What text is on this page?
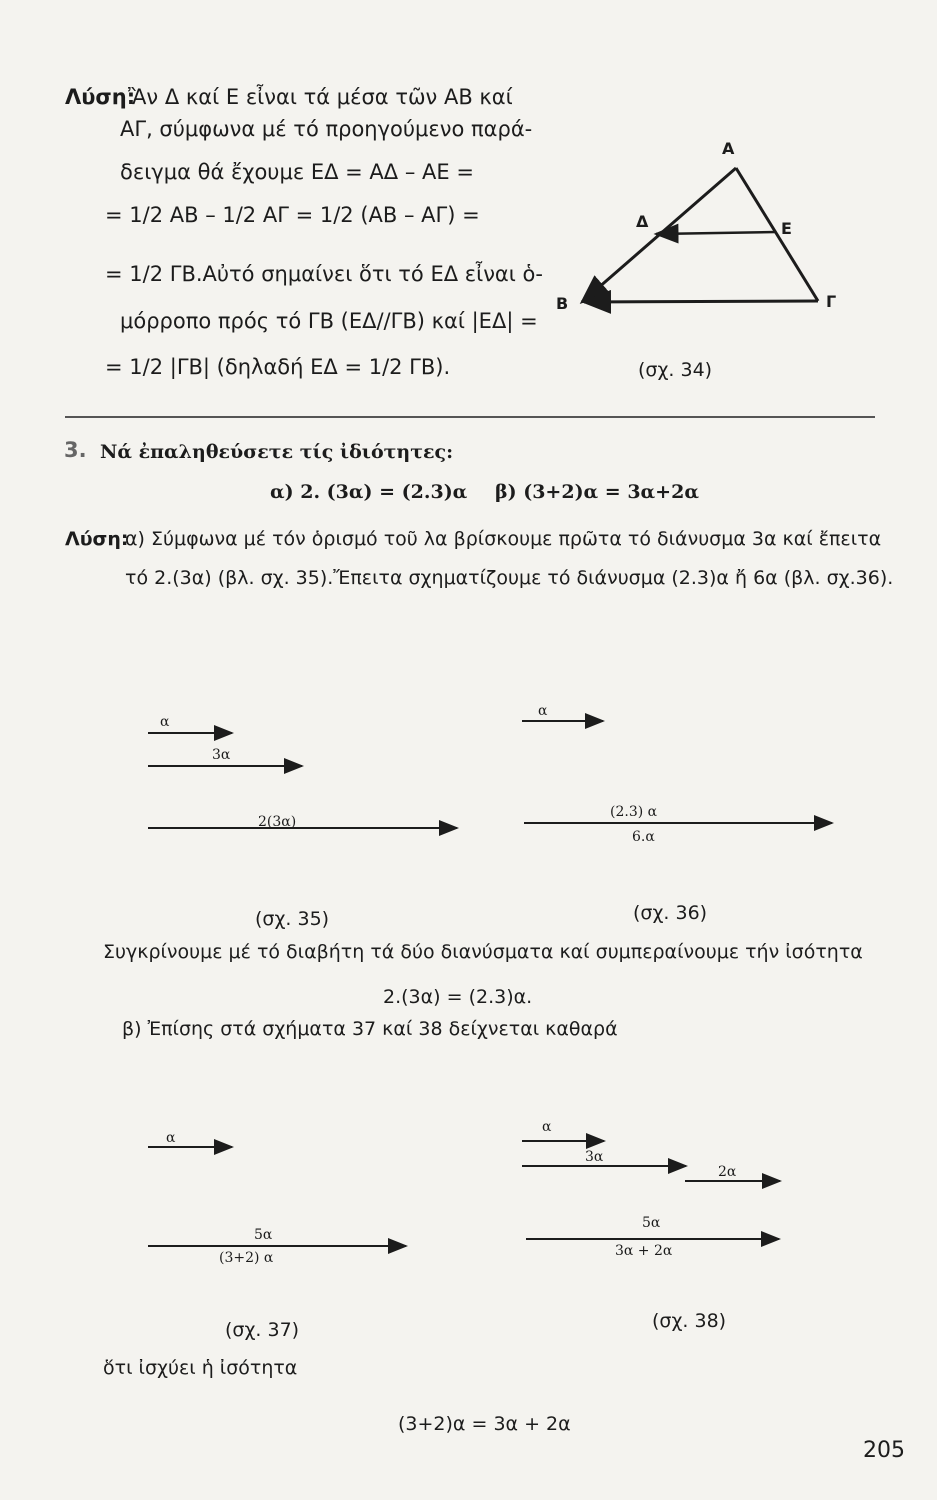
Λύση:
Ἂν Δ καί Ε εἶναι τά μέσα τῶν ΑΒ καί
ΑΓ, σύμφωνα μέ τό προηγούμενο παρά-
δειγμα θά ἔχουμε ΕΔ = ΑΔ – ΑΕ =
= 1/2 ΑΒ – 1/2 ΑΓ = 1/2 (ΑΒ – ΑΓ) =
= 1/2 ΓΒ.Αὐτό σημαίνει ὅτι τό ΕΔ εἶναι ὁ-
μόρροπο πρός τό ΓΒ (ΕΔ//ΓΒ) καί |ΕΔ| =
= 1/2 |ΓΒ| (δηλαδή ΕΔ = 1/2 ΓΒ).
Α
Β	Γ
Δ	Ε
(σχ. 34)
3. Νά ἐπαληθεύσετε τίς ἰδιότητες:
α) 2. (3α) = (2.3)α β) (3+2)α = 3α+2α
Λύση:
α) Σύμφωνα μέ τόν ὁρισμό τοῦ λα βρίσκουμε πρῶτα τό διάνυσμα 3α καί ἔπειτα
τό 2.(3α) (βλ. σχ. 35).Ἔπειτα σχηματίζουμε τό διάνυσμα (2.3)α ἤ 6α (βλ. σχ.36).
α
3α
2(3α)
(σχ. 35)
α
(2.3) α
6.α
(σχ. 36)
Συγκρίνουμε μέ τό διαβήτη τά δύο διανύσματα καί συμπεραίνουμε τήν ἰσότητα
2.(3α) = (2.3)α.
β) Ἐπίσης στά σχήματα 37 καί 38 δείχνεται καθαρά
α
5α
(3+2) α
(σχ. 37)
α
3α
2α
5α
3α + 2α
(σχ. 38)
ὅτι ἰσχύει ἡ ἰσότητα
(3+2)α = 3α + 2α
205
